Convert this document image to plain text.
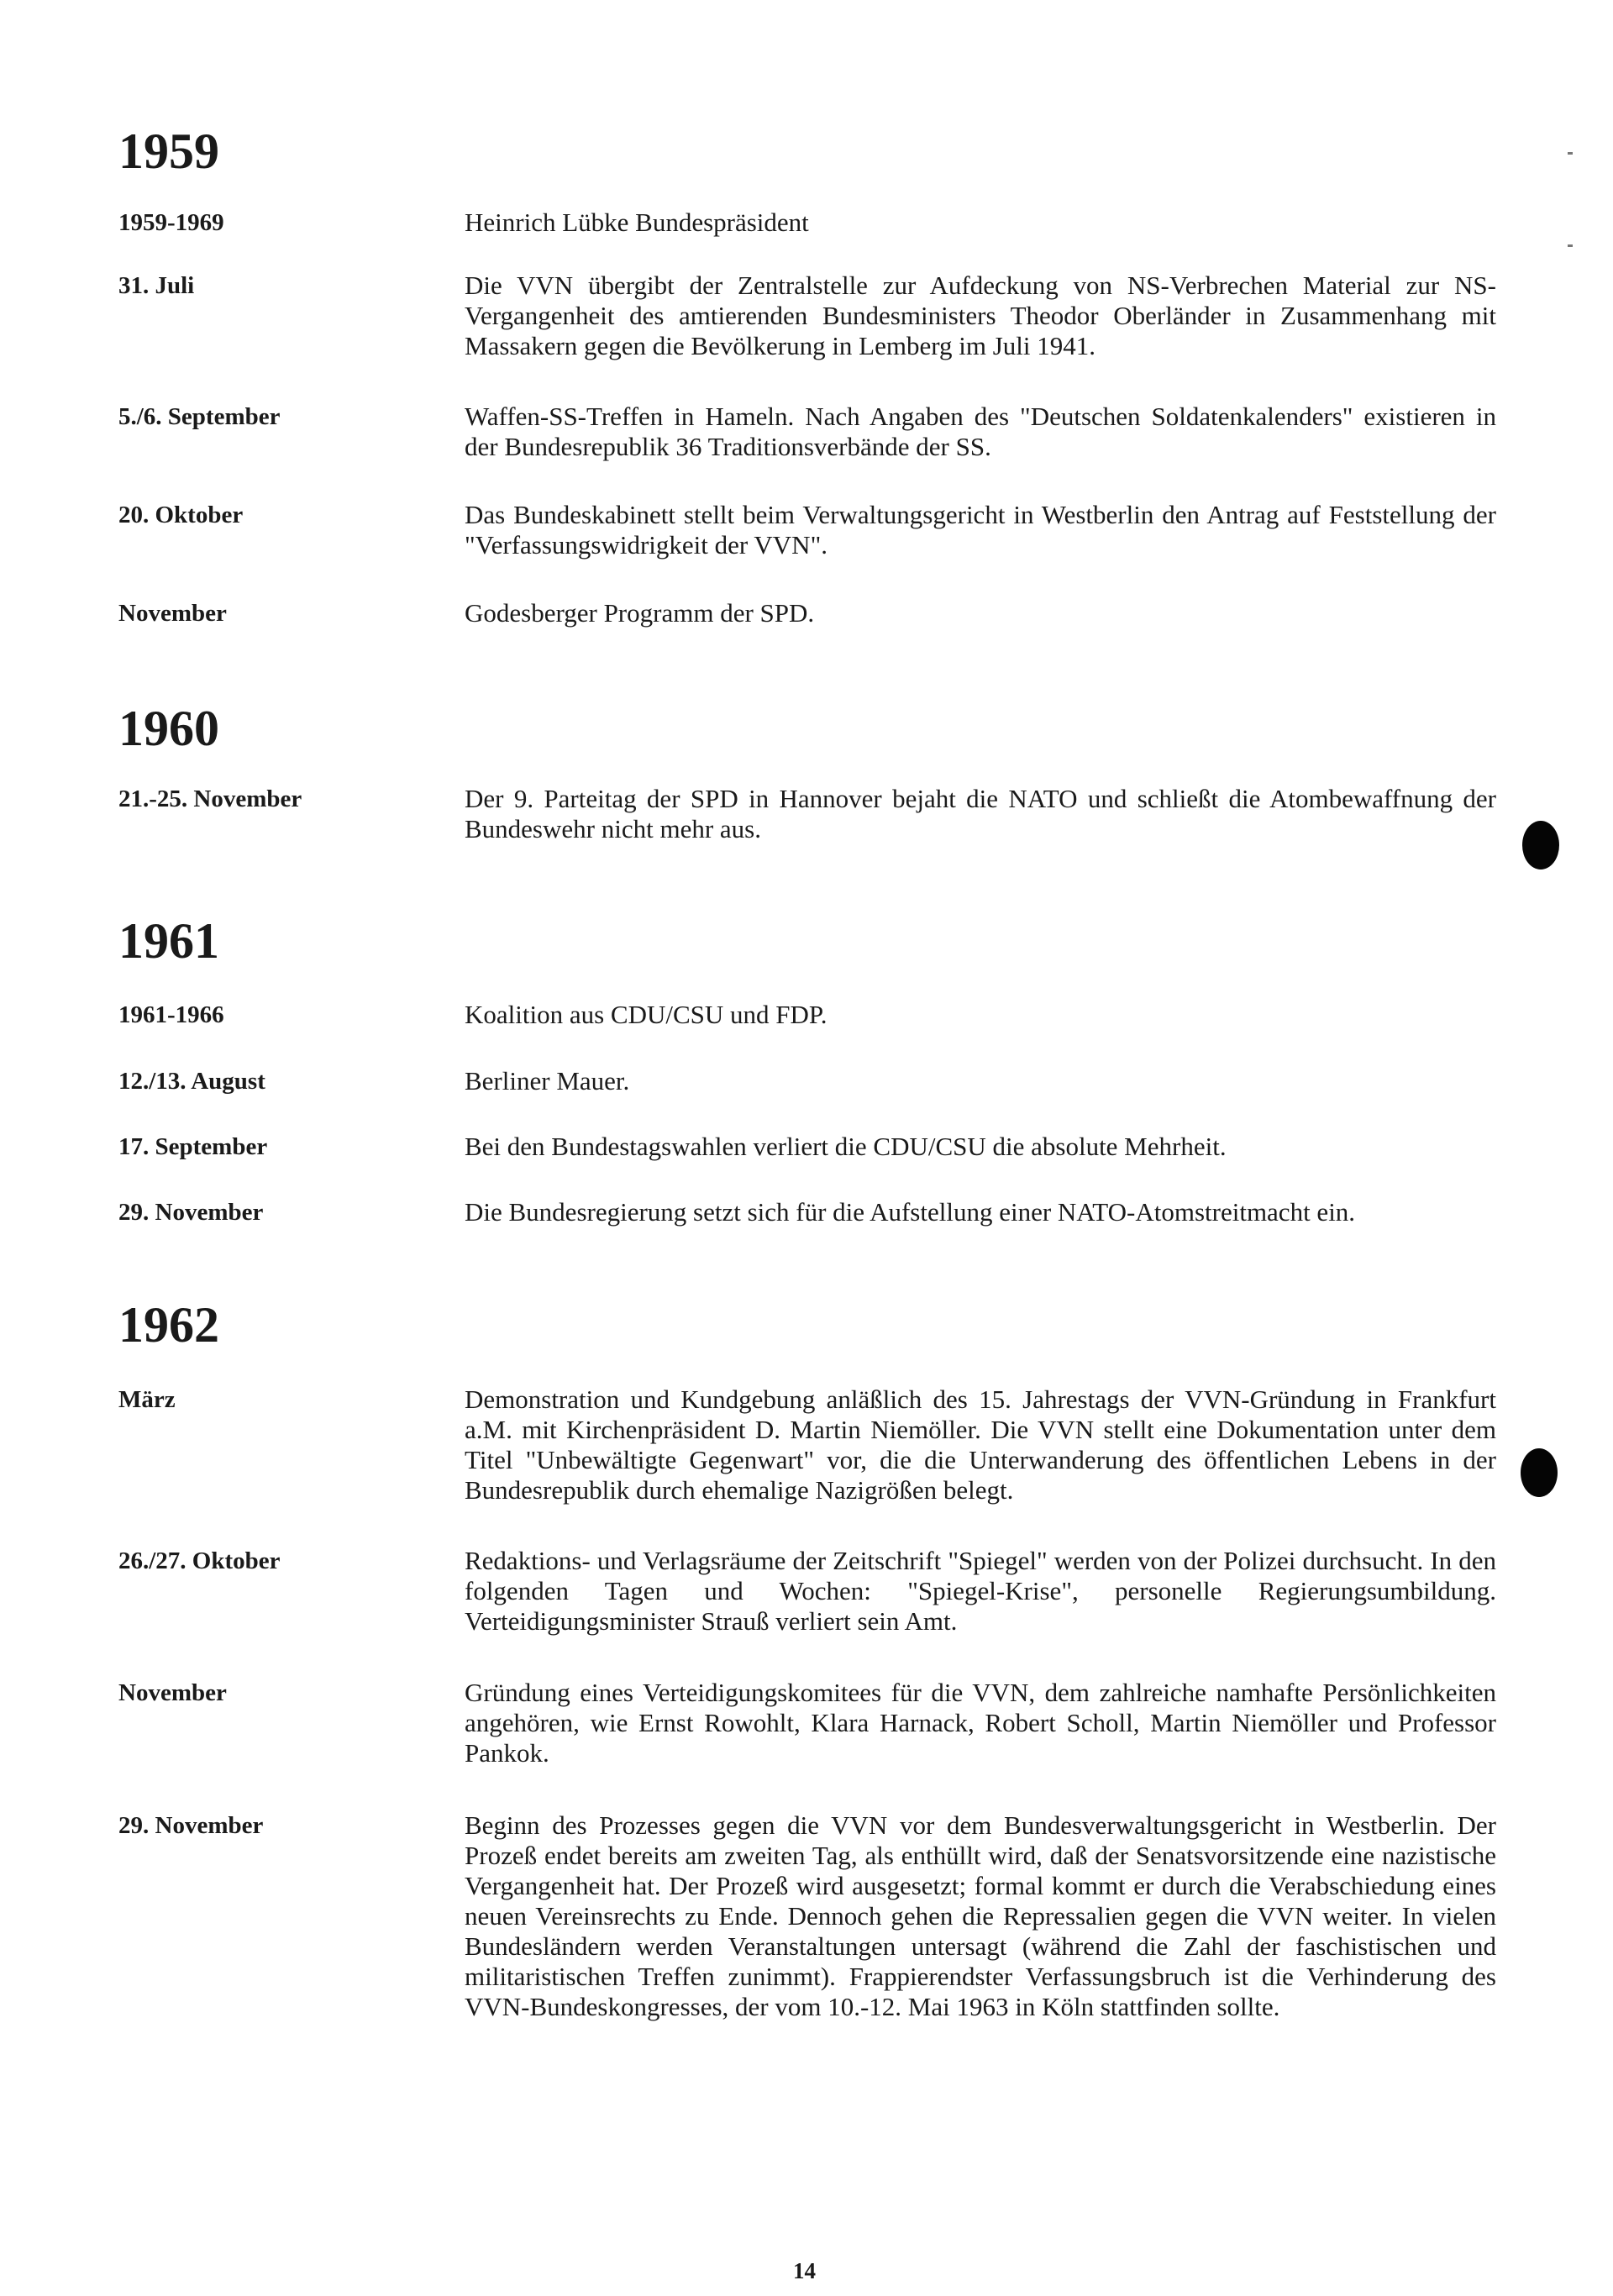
1959
1959-1969	Heinrich Lübke Bundespräsident

31. Juli	Die VVN übergibt der Zentralstelle zur Aufdeckung von NS-Verbrechen Material zur NS-Vergangenheit des amtierenden Bundesministers Theodor Oberländer in Zusammenhang mit Massakern gegen die Bevölkerung in Lemberg im Juli 1941.

5./6. September	Waffen-SS-Treffen in Hameln. Nach Angaben des "Deutschen Soldatenkalenders" existieren in der Bundesrepublik 36 Traditionsverbände der SS.

20. Oktober	Das Bundeskabinett stellt beim Verwaltungsgericht in Westberlin den Antrag auf Feststellung der "Verfassungswidrigkeit der VVN".

November	Godesberger Programm der SPD.

1960
21.-25. November	Der 9. Parteitag der SPD in Hannover bejaht die NATO und schließt die Atombewaffnung der Bundeswehr nicht mehr aus.

1961
1961-1966	Koalition aus CDU/CSU und FDP.

12./13. August	Berliner Mauer.

17. September	Bei den Bundestagswahlen verliert die CDU/CSU die absolute Mehrheit.

29. November	Die Bundesregierung setzt sich für die Aufstellung einer NATO-Atomstreitmacht ein.

1962
März	Demonstration und Kundgebung anläßlich des 15. Jahrestags der VVN-Gründung in Frankfurt a.M. mit Kirchenpräsident D. Martin Niemöller. Die VVN stellt eine Dokumentation unter dem Titel "Unbewältigte Gegenwart" vor, die die Unterwanderung des öffentlichen Lebens in der Bundesrepublik durch ehemalige Nazigrößen belegt.

26./27. Oktober	Redaktions- und Verlagsräume der Zeitschrift "Spiegel" werden von der Polizei durchsucht. In den folgenden Tagen und Wochen: "Spiegel-Krise", personelle Regierungsumbildung. Verteidigungsminister Strauß verliert sein Amt.

November	Gründung eines Verteidigungskomitees für die VVN, dem zahlreiche namhafte Persönlichkeiten angehören, wie Ernst Rowohlt, Klara Harnack, Robert Scholl, Martin Niemöller und Professor Pankok.

29. November	Beginn des Prozesses gegen die VVN vor dem Bundesverwaltungsgericht in Westberlin. Der Prozeß endet bereits am zweiten Tag, als enthüllt wird, daß der Senatsvorsitzende eine nazistische Vergangenheit hat. Der Prozeß wird ausgesetzt; formal kommt er durch die Verabschiedung eines neuen Vereinsrechts zu Ende. Dennoch gehen die Repressalien gegen die VVN weiter. In vielen Bundesländern werden Veranstaltungen untersagt (während die Zahl der faschistischen und militaristischen Treffen zunimmt). Frappierendster Verfassungsbruch ist die Verhinderung des VVN-Bundeskongresses, der vom 10.-12. Mai 1963 in Köln stattfinden sollte.

14
